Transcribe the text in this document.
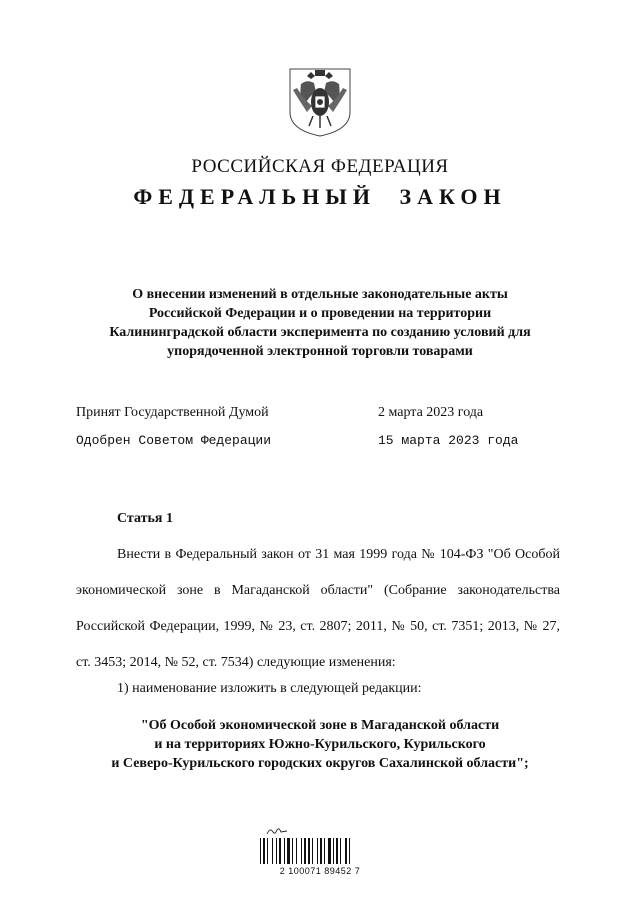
РОССИЙСКАЯ ФЕДЕРАЦИЯ
ФЕДЕРАЛЬНЫЙ ЗАКОН
О внесении изменений в отдельные законодательные акты
Российской Федерации и о проведении на территории
Калининградской области эксперимента по созданию условий для
упорядоченной электронной торговли товарами
Принят Государственной Думой	2 марта 2023 года
Одобрен Советом Федерации	15 марта 2023 года
Статья 1
Внести в Федеральный закон от 31 мая 1999 года № 104-ФЗ "Об Особой экономической зоне в Магаданской области" (Собрание законодательства Российской Федерации, 1999, № 23, ст. 2807; 2011, № 50, ст. 7351; 2013, № 27, ст. 3453; 2014, № 52, ст. 7534) следующие изменения:
1) наименование изложить в следующей редакции:
"Об Особой экономической зоне в Магаданской области
и на территориях Южно-Курильского, Курильского
и Северо-Курильского городских округов Сахалинской области";
2 100071 89452 7
